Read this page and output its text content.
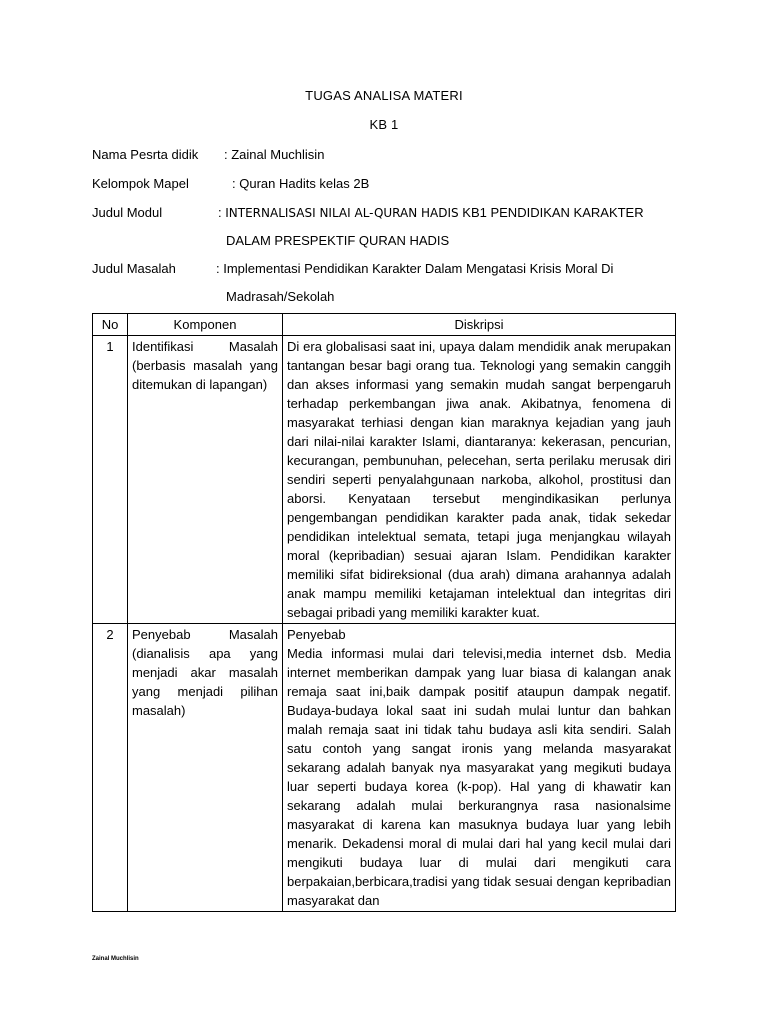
TUGAS ANALISA MATERI
KB 1
Nama Pesrta didik : Zainal Muchlisin
Kelompok Mapel	: Quran Hadits kelas 2B
Judul Modul	: INTERNALISASI NILAI AL-QURAN HADIS KB1 PENDIDIKAN KARAKTER
DALAM PRESPEKTIF QURAN HADIS
Judul Masalah	: Implementasi Pendidikan Karakter Dalam Mengatasi Krisis Moral Di
Madrasah/Sekolah
No	Komponen	Diskripsi
1	Identifikasi Masalah (berbasis masalah yang ditemukan di lapangan)	Di era globalisasi saat ini, upaya dalam mendidik anak merupakan tantangan besar bagi orang tua. Teknologi yang semakin canggih dan akses informasi yang semakin mudah sangat berpengaruh terhadap perkembangan jiwa anak. Akibatnya, fenomena di masyarakat terhiasi dengan kian maraknya kejadian yang jauh dari nilai-nilai karakter Islami, diantaranya: kekerasan, pencurian, kecurangan, pembunuhan, pelecehan, serta perilaku merusak diri sendiri seperti penyalahgunaan narkoba, alkohol, prostitusi dan aborsi. Kenyataan tersebut mengindikasikan perlunya pengembangan pendidikan karakter pada anak, tidak sekedar pendidikan intelektual semata, tetapi juga menjangkau wilayah moral (kepribadian) sesuai ajaran Islam. Pendidikan karakter memiliki sifat bidireksional (dua arah) dimana arahannya adalah anak mampu memiliki ketajaman intelektual dan integritas diri sebagai pribadi yang memiliki karakter kuat.
2	Penyebab Masalah (dianalisis apa yang menjadi akar masalah yang menjadi pilihan masalah)	Penyebab
Media informasi mulai dari televisi,media internet dsb. Media internet memberikan dampak yang luar biasa di kalangan anak remaja saat ini,baik dampak positif ataupun dampak negatif. Budaya-budaya lokal saat ini sudah mulai luntur dan bahkan malah remaja saat ini tidak tahu budaya asli kita sendiri. Salah satu contoh yang sangat ironis yang melanda masyarakat sekarang adalah banyak nya masyarakat yang megikuti budaya luar seperti budaya korea (k-pop). Hal yang di khawatir kan sekarang adalah mulai berkurangnya rasa nasionalsime masyarakat di karena kan masuknya budaya luar yang lebih menarik. Dekadensi moral di mulai dari hal yang kecil mulai dari mengikuti budaya luar di mulai dari mengikuti cara berpakaian,berbicara,tradisi yang tidak sesuai dengan kepribadian masyarakat dan
Zainal Muchlisin
